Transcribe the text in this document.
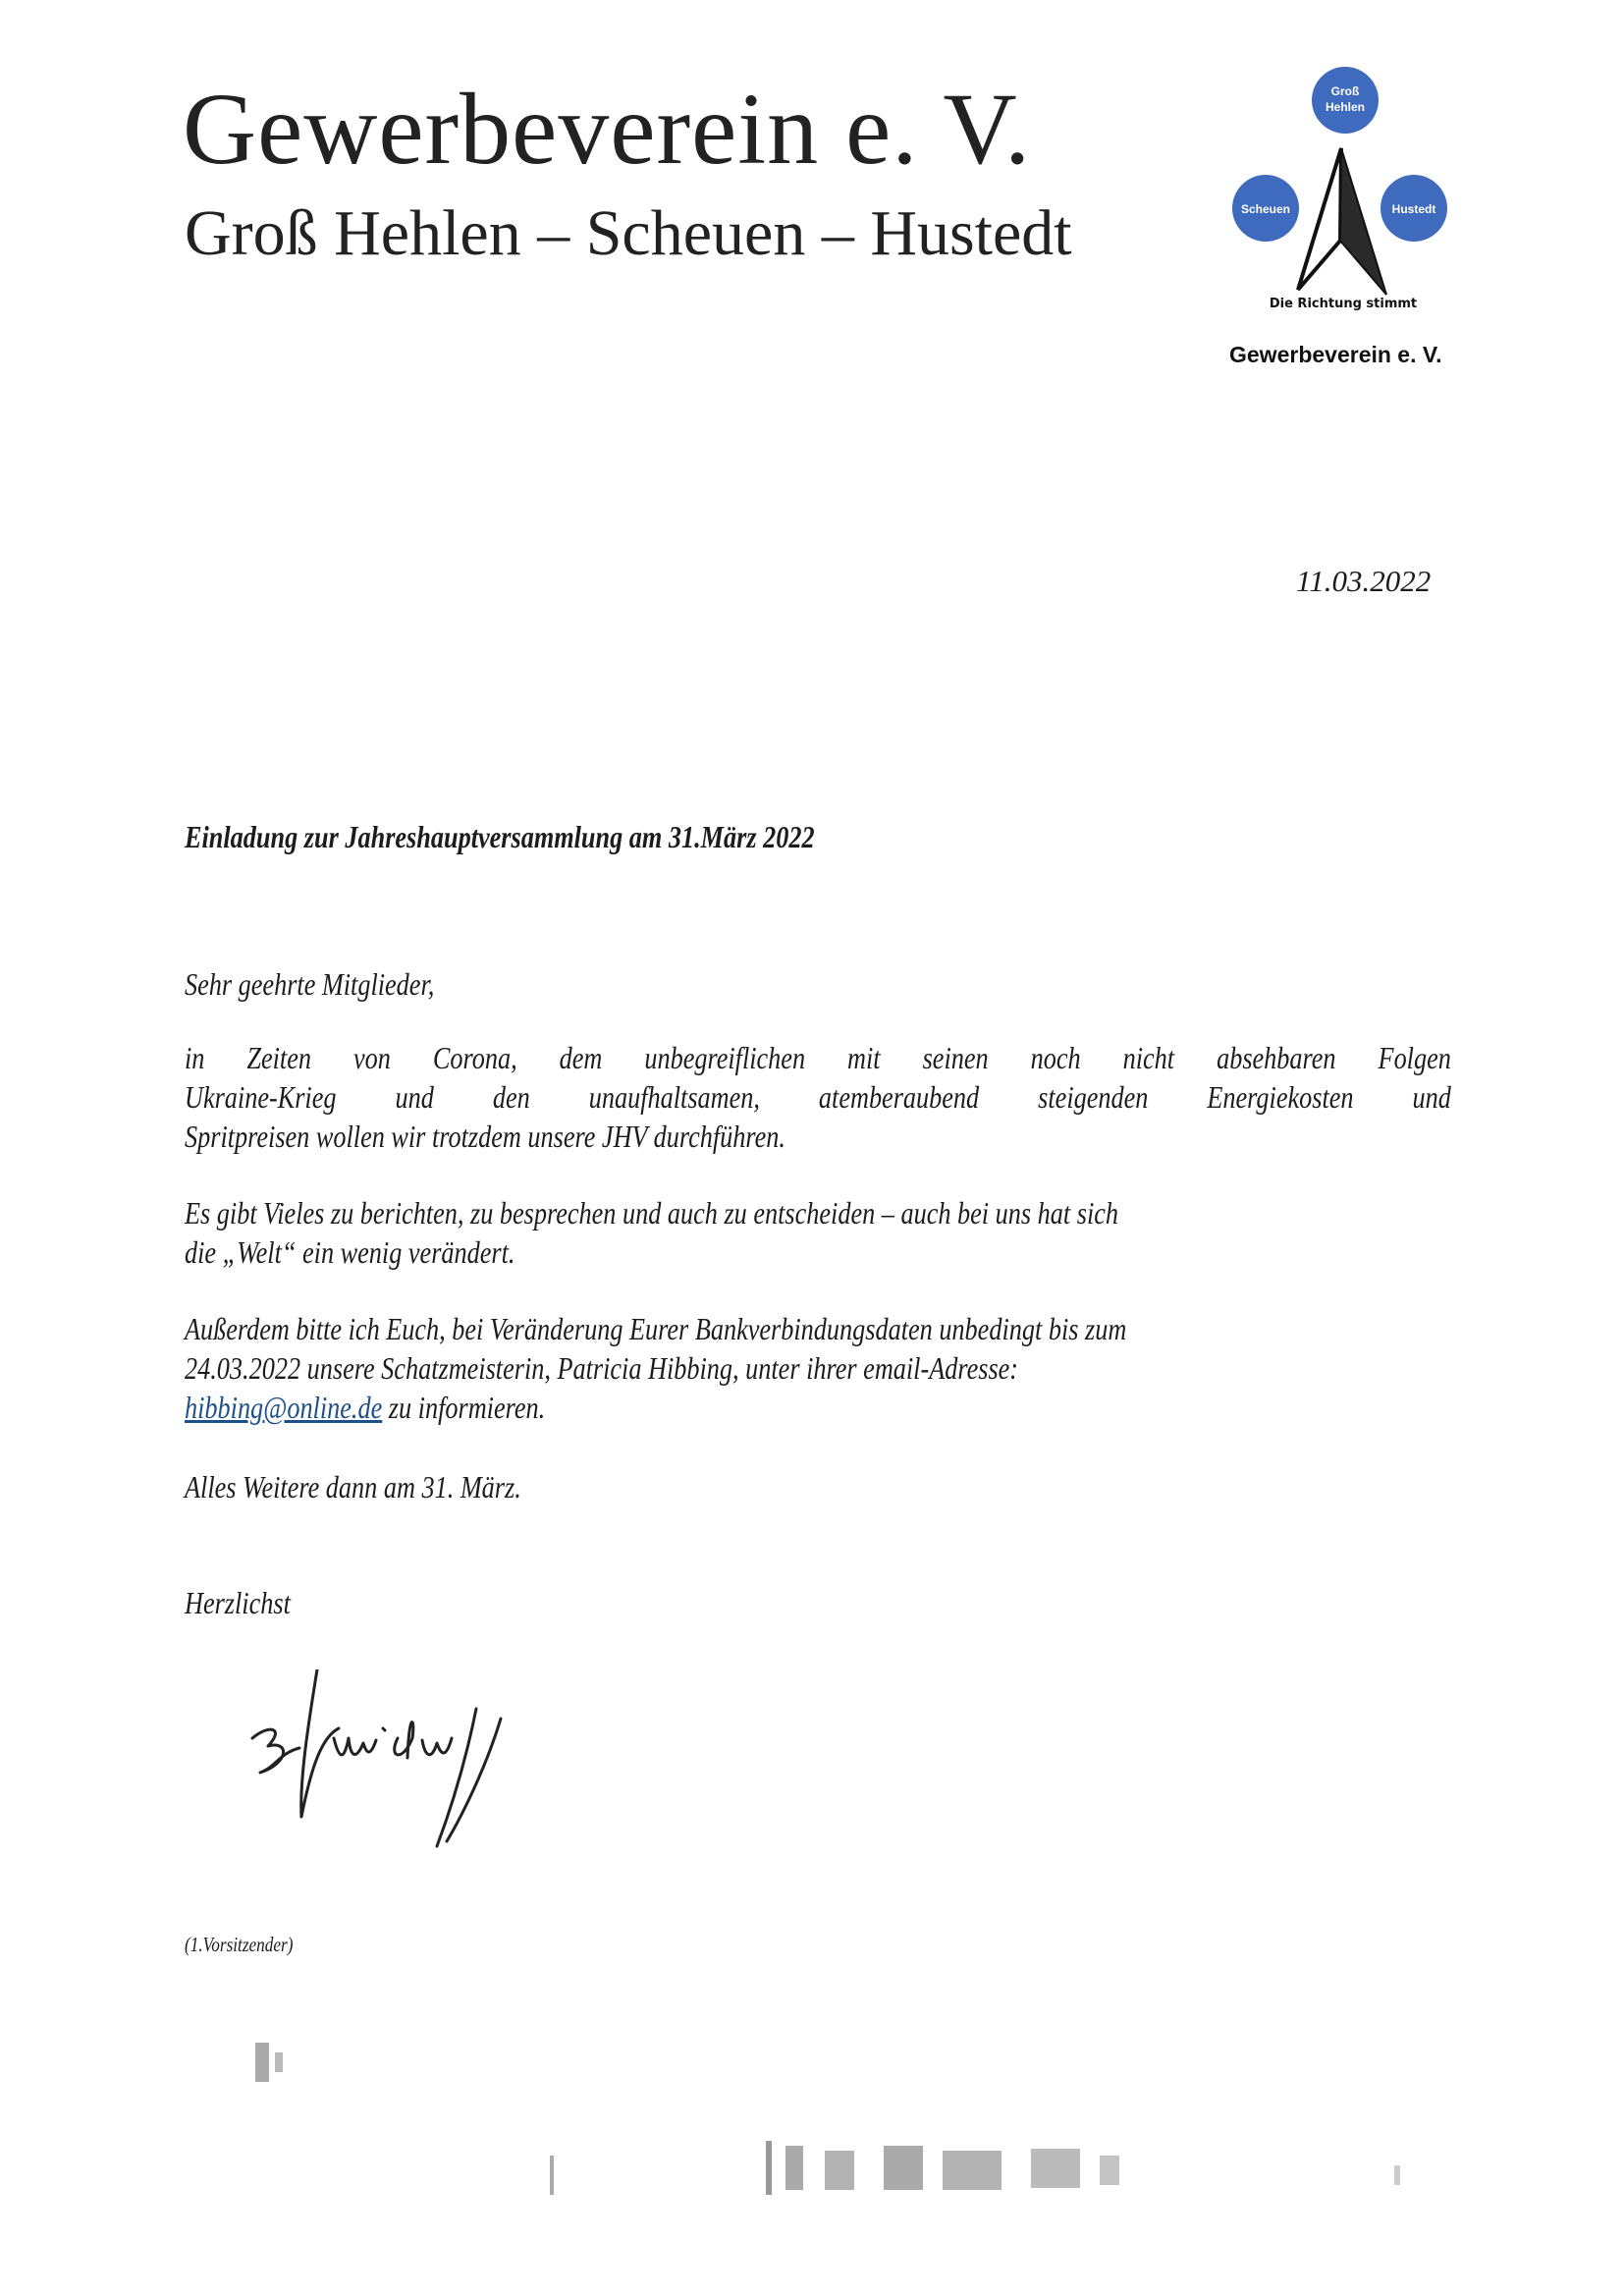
Gewerbeverein e. V.
Groß Hehlen – Scheuen – Hustedt
Groß
Hehlen
Scheuen	Hustedt
Die Richtung stimmt
Gewerbeverein e. V.
11.03.2022
Einladung zur Jahreshauptversammlung am 31.März 2022
Sehr geehrte Mitglieder,
in Zeiten von Corona, dem unbegreiflichen mit seinen noch nicht absehbaren Folgen
Ukraine-Krieg und den unaufhaltsamen, atemberaubend steigenden Energiekosten und
Spritpreisen wollen wir trotzdem unsere JHV durchführen.
Es gibt Vieles zu berichten, zu besprechen und auch zu entscheiden – auch bei uns hat sich
die „Welt“ ein wenig verändert.
Außerdem bitte ich Euch, bei Veränderung Eurer Bankverbindungsdaten unbedingt bis zum
24.03.2022 unsere Schatzmeisterin, Patricia Hibbing, unter ihrer email-Adresse:
hibbing@online.de zu informieren.
Alles Weitere dann am 31. März.
Herzlichst
(1.Vorsitzender)
